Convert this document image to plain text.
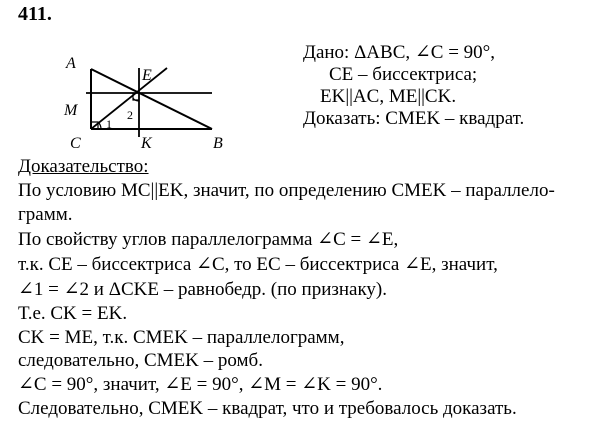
411.
A
E
M
C	K	B
1
2
Дано: ΔABC, ∠C = 90°,
CE – биссектриса;
EK||AC, ME||CK.
Доказать: CMEK – квадрат.
Доказательство:
По условию MC||EK, значит, по определению CMEK – параллело-
грамм.
По свойству углов параллелограмма ∠C = ∠E,
т.к. CE – биссектриса ∠C, то EC – биссектриса ∠E, значит,
∠1 = ∠2 и ΔCKE – равнобедр. (по признаку).
Т.е. CK = EK.
CK = ME, т.к. CMEK – параллелограмм,
следовательно, CMEK – ромб.
∠C = 90°, значит, ∠E = 90°, ∠M = ∠K = 90°.
Следовательно, CMEK – квадрат, что и требовалось доказать.
